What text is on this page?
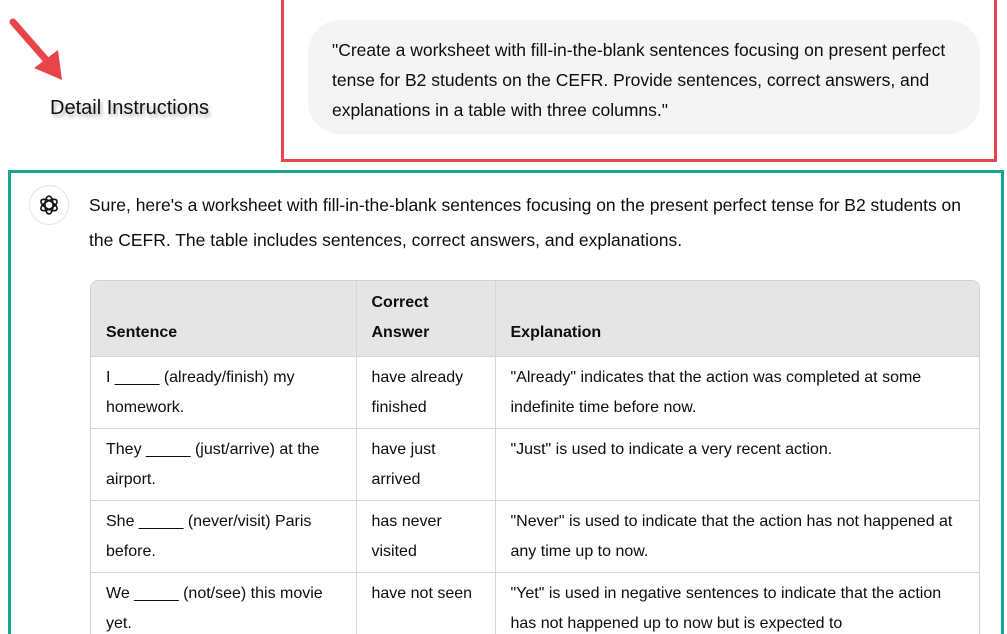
Detail Instructions
"Create a worksheet with fill-in-the-blank sentences focusing on present perfect tense for B2 students on the CEFR. Provide sentences, correct answers, and explanations in a table with three columns."
Sure, here's a worksheet with fill-in-the-blank sentences focusing on the present perfect tense for B2 students on the CEFR. The table includes sentences, correct answers, and explanations.
Sentence	Correct Answer	Explanation
I _____ (already/finish) my homework.	have already finished	"Already" indicates that the action was completed at some indefinite time before now.
They _____ (just/arrive) at the airport.	have just arrived	"Just" is used to indicate a very recent action.
She _____ (never/visit) Paris before.	has never visited	"Never" is used to indicate that the action has not happened at any time up to now.
We _____ (not/see) this movie yet.	have not seen	"Yet" is used in negative sentences to indicate that the action has not happened up to now but is expected to
